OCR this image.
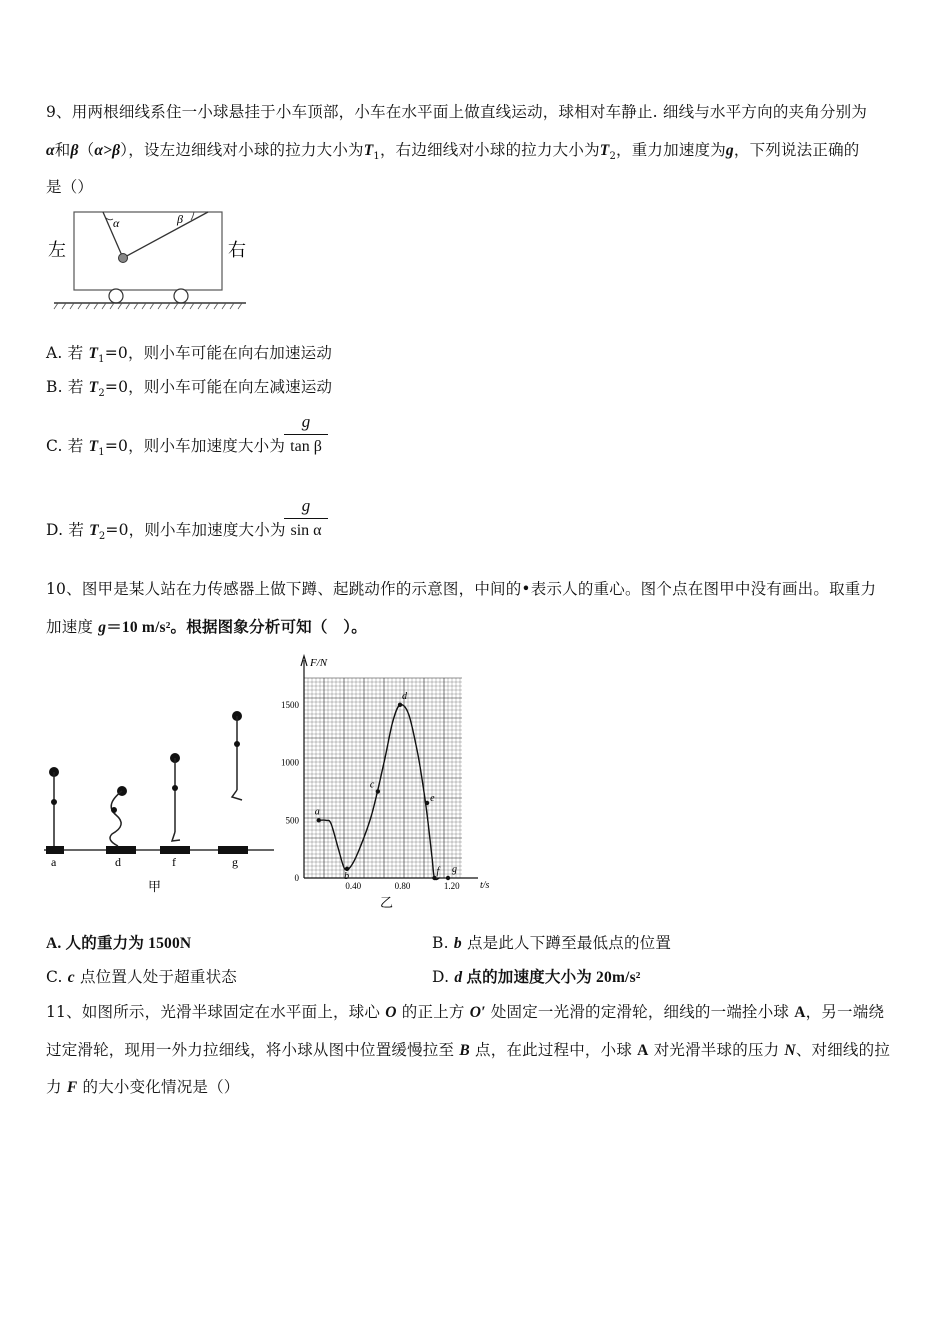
9、用两根细线系住一小球悬挂于小车顶部，小车在水平面上做直线运动，球相对车静止. 细线与水平方向的夹角分别为
α和β（α>β），设左边细线对小球的拉力大小为$T_1$，右边细线对小球的拉力大小为$T_2$，重力加速度为g，下列说法正确的
是（）
α	β
左	右
A. 若 $T_1=0$，则小车可能在向右加速运动
B. 若 $T_2=0$，则小车可能在向左减速运动
C. 若 $T_1=0$，则小车加速度大小为
g
tan β
D. 若 $T_2=0$，则小车加速度大小为
g
sin α
10、图甲是某人站在力传感器上做下蹲、起跳动作的示意图，中间的•表示人的重心。图个点在图甲中没有画出。取重力
加速度 g＝10 m/s²。根据图象分析可知（　）。
a	d	f	g
甲
F/N
t/s
0
500
1000
1500
0.40	0.80	1.20
a
b
c
d
e
f g
乙
A. 人的重力为 1500N	B. b 点是此人下蹲至最低点的位置
C. c 点位置人处于超重状态	D. d 点的加速度大小为 20m/s²
11、如图所示，光滑半球固定在水平面上，球心 O 的正上方 O′ 处固定一光滑的定滑轮，细线的一端拴小球 A，另一端绕
过定滑轮，现用一外力拉细线，将小球从图中位置缓慢拉至 B 点，在此过程中，小球 A 对光滑半球的压力 N、对细线的拉
力 F 的大小变化情况是（）
